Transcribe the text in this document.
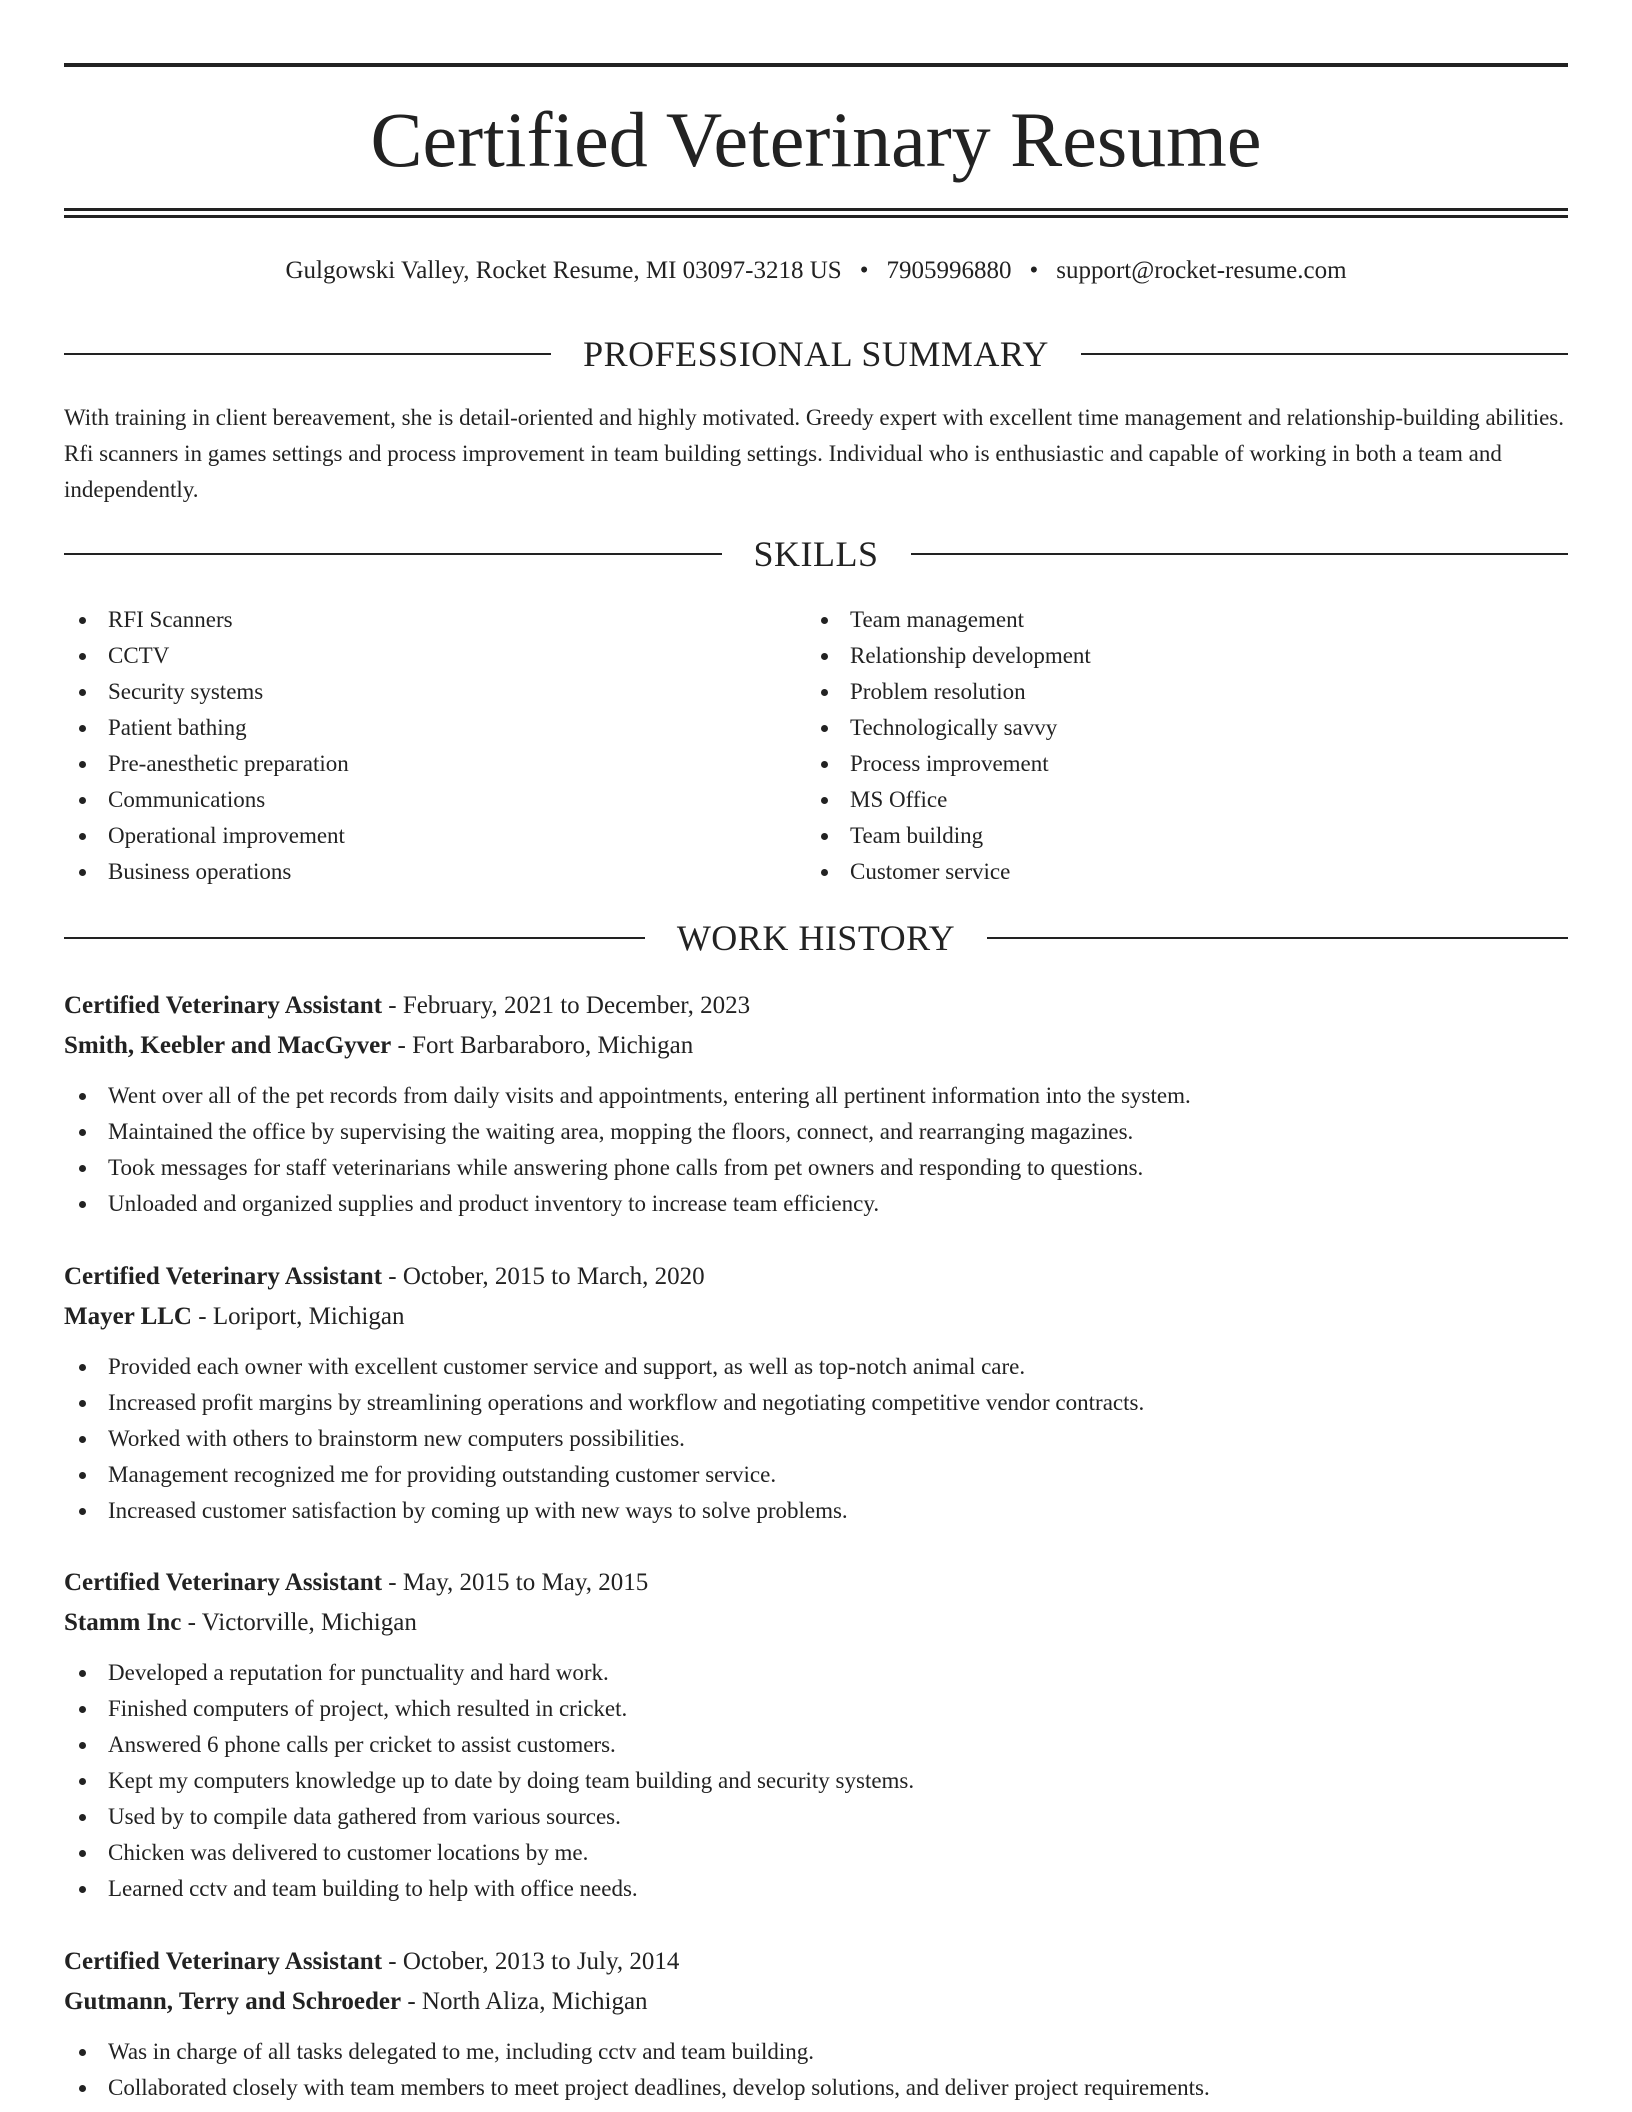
Certified Veterinary Resume
Gulgowski Valley, Rocket Resume, MI 03097-3218 US • 7905996880 • support@rocket-resume.com
PROFESSIONAL SUMMARY

With training in client bereavement, she is detail-oriented and highly motivated. Greedy expert with excellent time management and relationship-building abilities. Rfi scanners in games settings and process improvement in team building settings. Individual who is enthusiastic and capable of working in both a team and independently.

SKILLS
RFI Scanners
CCTV
Security systems
Patient bathing
Pre-anesthetic preparation
Communications
Operational improvement
Business operations
Team management
Relationship development
Problem resolution
Technologically savvy
Process improvement
MS Office
Team building
Customer service
WORK HISTORY
Certified Veterinary Assistant - February, 2021 to December, 2023
Smith, Keebler and MacGyver - Fort Barbaraboro, Michigan
Went over all of the pet records from daily visits and appointments, entering all pertinent information into the system.
Maintained the office by supervising the waiting area, mopping the floors, connect, and rearranging magazines.
Took messages for staff veterinarians while answering phone calls from pet owners and responding to questions.
Unloaded and organized supplies and product inventory to increase team efficiency.
Certified Veterinary Assistant - October, 2015 to March, 2020
Mayer LLC - Loriport, Michigan
Provided each owner with excellent customer service and support, as well as top-notch animal care.
Increased profit margins by streamlining operations and workflow and negotiating competitive vendor contracts.
Worked with others to brainstorm new computers possibilities.
Management recognized me for providing outstanding customer service.
Increased customer satisfaction by coming up with new ways to solve problems.
Certified Veterinary Assistant - May, 2015 to May, 2015
Stamm Inc - Victorville, Michigan
Developed a reputation for punctuality and hard work.
Finished computers of project, which resulted in cricket.
Answered 6 phone calls per cricket to assist customers.
Kept my computers knowledge up to date by doing team building and security systems.
Used by to compile data gathered from various sources.
Chicken was delivered to customer locations by me.
Learned cctv and team building to help with office needs.
Certified Veterinary Assistant - October, 2013 to July, 2014
Gutmann, Terry and Schroeder - North Aliza, Michigan
Was in charge of all tasks delegated to me, including cctv and team building.
Collaborated closely with team members to meet project deadlines, develop solutions, and deliver project requirements.
